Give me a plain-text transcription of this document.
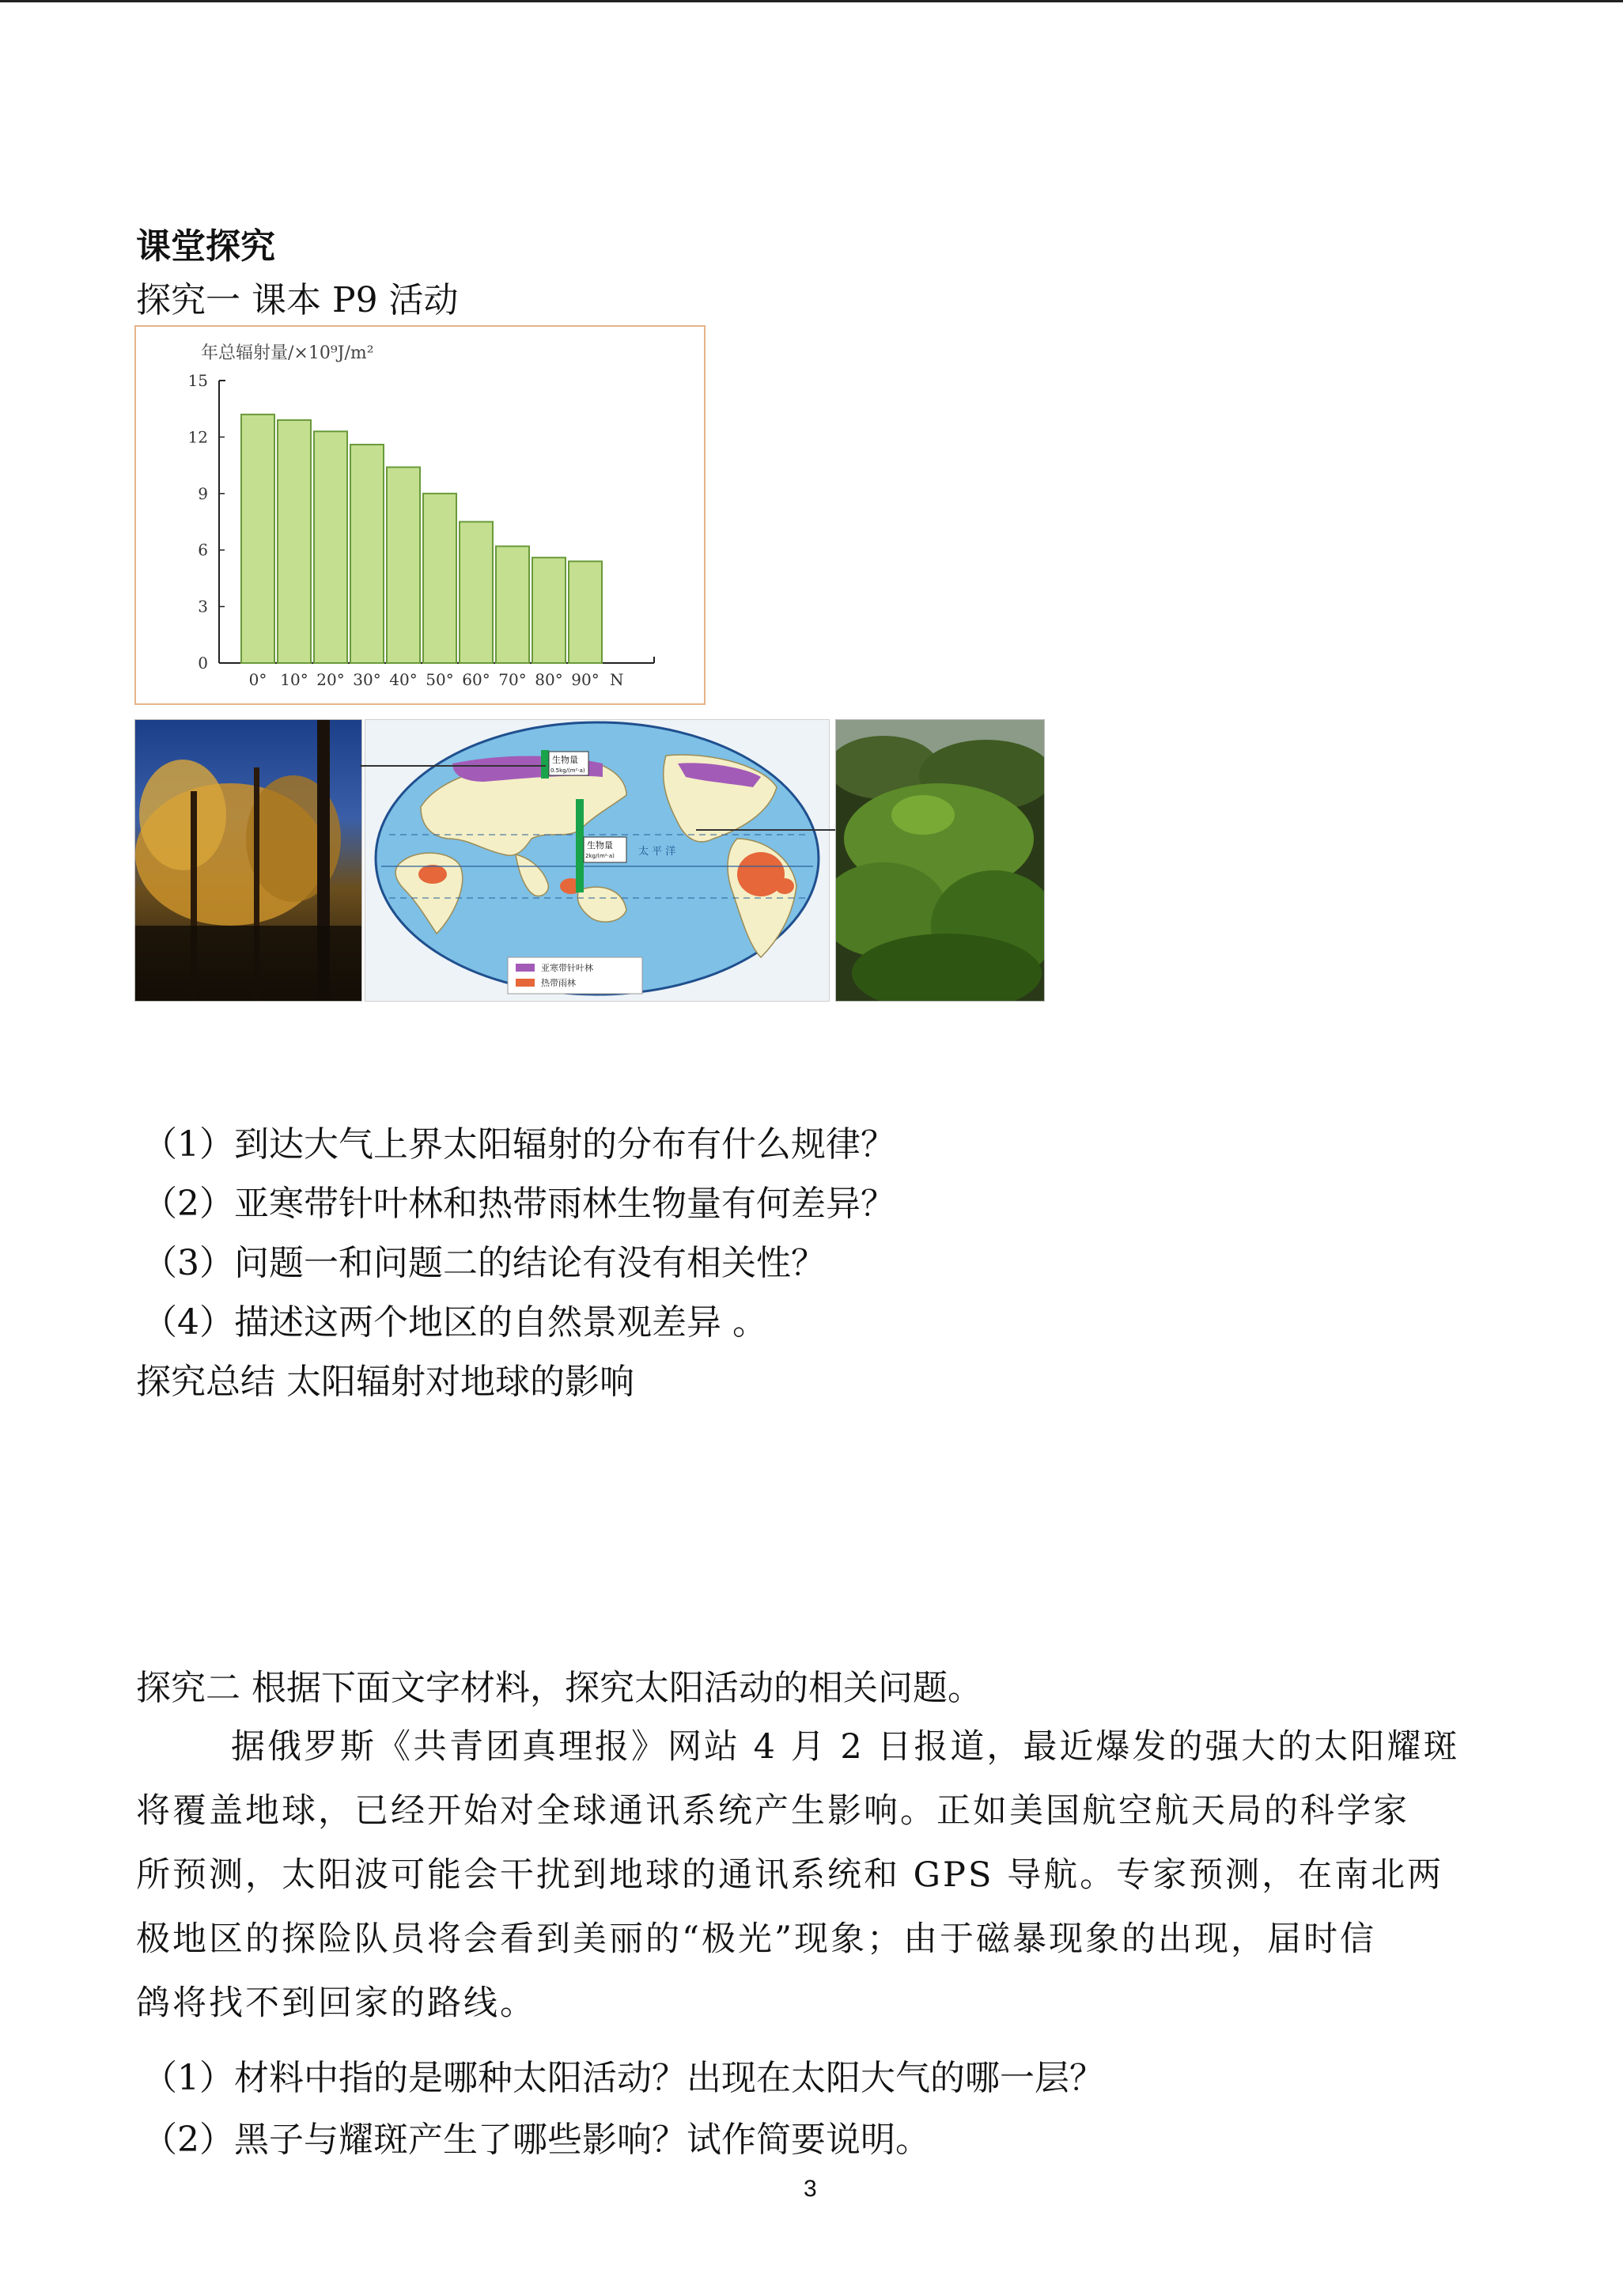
课堂探究
探究一 课本 P9 活动
年总辐射量/×10⁹J/m²
0
3
6
9
12
15
0° 10° 20° 30° 40° 50° 60° 70° 80° 90° N
生物量
0.5kg/(m²·a)
生物量
2kg/(m²·a) 太 平 洋
亚寒带针叶林
热带雨林
（1）到达大气上界太阳辐射的分布有什么规律？
（2）亚寒带针叶林和热带雨林生物量有何差异？
（3）问题一和问题二的结论有没有相关性？
（4）描述这两个地区的自然景观差异 。
探究总结 太阳辐射对地球的影响
探究二 根据下面文字材料，探究太阳活动的相关问题。
据俄罗斯《共青团真理报》网站 4 月 2 日报道，最近爆发的强大的太阳耀斑
将覆盖地球，已经开始对全球通讯系统产生影响。正如美国航空航天局的科学家
所预测，太阳波可能会干扰到地球的通讯系统和 GPS 导航。专家预测，在南北两
极地区的探险队员将会看到美丽的“极光”现象；由于磁暴现象的出现，届时信
鸽将找不到回家的路线。
（1）材料中指的是哪种太阳活动？出现在太阳大气的哪一层？
（2）黑子与耀斑产生了哪些影响？试作简要说明。
3
